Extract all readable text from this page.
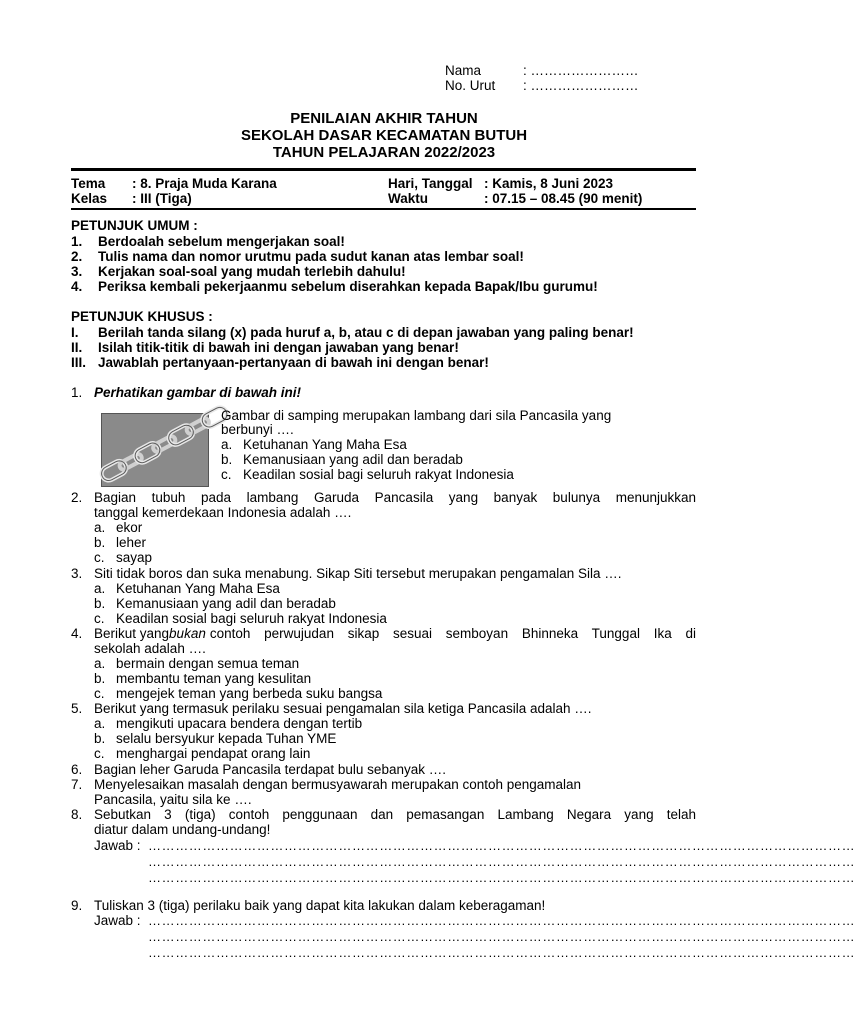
Nama	: ……………………
No. Urut : ……………………
PENILAIAN AKHIR TAHUN
SEKOLAH DASAR KECAMATAN BUTUH
TAHUN PELAJARAN 2022/2023
Tema : 8. Praja Muda Karana	Hari, Tanggal : Kamis, 8 Juni 2023
Kelas : III (Tiga)	Waktu	: 07.15 – 08.45 (90 menit)
PETUNJUK UMUM :
1. Berdoalah sebelum mengerjakan soal!
2. Tulis nama dan nomor urutmu pada sudut kanan atas lembar soal!
3. Kerjakan soal-soal yang mudah terlebih dahulu!
4. Periksa kembali pekerjaanmu sebelum diserahkan kepada Bapak/Ibu gurumu!
PETUNJUK KHUSUS :
I. Berilah tanda silang (x) pada huruf a, b, atau c di depan jawaban yang paling benar!
II. Isilah titik-titik di bawah ini dengan jawaban yang benar!
III. Jawablah pertanyaan-pertanyaan di bawah ini dengan benar!
1. Perhatikan gambar di bawah ini!
Gambar di samping merupakan lambang dari sila Pancasila yang
berbunyi ….
a. Ketuhanan Yang Maha Esa
b. Kemanusiaan yang adil dan beradab
c. Keadilan sosial bagi seluruh rakyat Indonesia
2. Bagian tubuh pada lambang Garuda Pancasila yang banyak bulunya menunjukkan
tanggal kemerdekaan Indonesia adalah ….
a. ekor
b. leher
c. sayap
3. Siti tidak boros dan suka menabung. Sikap Siti tersebut merupakan pengamalan Sila ….
a. Ketuhanan Yang Maha Esa
b. Kemanusiaan yang adil dan beradab
c. Keadilan sosial bagi seluruh rakyat Indonesia
4. Berikut yang bukan contoh perwujudan sikap sesuai semboyan Bhinneka Tunggal Ika di
sekolah adalah ….
a. bermain dengan semua teman
b. membantu teman yang kesulitan
c. mengejek teman yang berbeda suku bangsa
5. Berikut yang termasuk perilaku sesuai pengamalan sila ketiga Pancasila adalah ….
a. mengikuti upacara bendera dengan tertib
b. selalu bersyukur kepada Tuhan YME
c. menghargai pendapat orang lain
6. Bagian leher Garuda Pancasila terdapat bulu sebanyak ….
7. Menyelesaikan masalah dengan bermusyawarah merupakan contoh pengamalan
Pancasila, yaitu sila ke ….
8. Sebutkan 3 (tiga) contoh penggunaan dan pemasangan Lambang Negara yang telah
diatur dalam undang-undang!
Jawab : …………………………………………………………………………………………………………………………………………
…………………………………………………………………………………………………………………………………………
…………………………………………………………………………………………………………………………………………
9. Tuliskan 3 (tiga) perilaku baik yang dapat kita lakukan dalam keberagaman!
Jawab : …………………………………………………………………………………………………………………………………………
…………………………………………………………………………………………………………………………………………
…………………………………………………………………………………………………………………………………………
